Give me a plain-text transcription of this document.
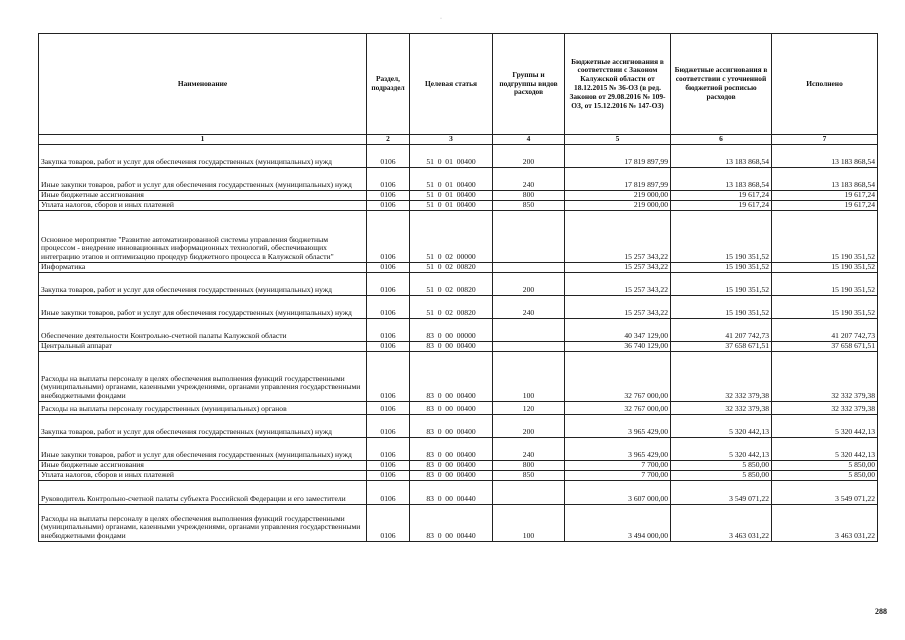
Наименование	Раздел, подраздел	Целевая статья	Группы и подгруппы видов расходов	Бюджетные ассигнования в соответствии с Законом Калужской области от 18.12.2015 № 36-ОЗ (в ред. Законов от 29.08.2016 № 109-ОЗ, от 15.12.2016 № 147-ОЗ)	Бюджетные ассигнования в соответствии с уточненной бюджетной росписью расходов	Исполнено
1	2	3	4	5	6	7
Закупка товаров, работ и услуг для обеспечения государственных (муниципальных) нужд	0106	51  0  01  00400	200	17 819 897,99	13 183 868,54	13 183 868,54
Иные закупки товаров, работ и услуг для обеспечения государственных (муниципальных) нужд	0106	51  0  01  00400	240	17 819 897,99	13 183 868,54	13 183 868,54
Иные бюджетные ассигнования	0106	51  0  01  00400	800	219 000,00	19 617,24	19 617,24
Уплата налогов, сборов и иных платежей	0106	51  0  01  00400	850	219 000,00	19 617,24	19 617,24
Основное мероприятие "Развитие автоматизированной системы управления бюджетным процессом - внедрение инновационных информационных технологий, обеспечивающих интеграцию этапов и оптимизацию процедур бюджетного процесса в Калужской области"	0106	51  0  02  00000		15 257 343,22	15 190 351,52	15 190 351,52
Информатика	0106	51  0  02  00820		15 257 343,22	15 190 351,52	15 190 351,52
Закупка товаров, работ и услуг для обеспечения государственных (муниципальных) нужд	0106	51  0  02  00820	200	15 257 343,22	15 190 351,52	15 190 351,52
Иные закупки товаров, работ и услуг для обеспечения государственных (муниципальных) нужд	0106	51  0  02  00820	240	15 257 343,22	15 190 351,52	15 190 351,52
Обеспечение деятельности Контрольно-счетной палаты Калужской области	0106	83  0  00  00000		40 347 129,00	41 207 742,73	41 207 742,73
Центральный аппарат	0106	83  0  00  00400		36 740 129,00	37 658 671,51	37 658 671,51
Расходы на выплаты персоналу в целях обеспечения выполнения функций государственными (муниципальными) органами, казенными учреждениями, органами управления государственными внебюджетными фондами	0106	83  0  00  00400	100	32 767 000,00	32 332 379,38	32 332 379,38
Расходы на выплаты персоналу государственных (муниципальных) органов	0106	83  0  00  00400	120	32 767 000,00	32 332 379,38	32 332 379,38
Закупка товаров, работ и услуг для обеспечения государственных (муниципальных) нужд	0106	83  0  00  00400	200	3 965 429,00	5 320 442,13	5 320 442,13
Иные закупки товаров, работ и услуг для обеспечения государственных (муниципальных) нужд	0106	83  0  00  00400	240	3 965 429,00	5 320 442,13	5 320 442,13
Иные бюджетные ассигнования	0106	83  0  00  00400	800	7 700,00	5 850,00	5 850,00
Уплата налогов, сборов и иных платежей	0106	83  0  00  00400	850	7 700,00	5 850,00	5 850,00
Руководитель Контрольно-счетной палаты субъекта Российской Федерации и его заместители	0106	83  0  00  00440		3 607 000,00	3 549 071,22	3 549 071,22
Расходы на выплаты персоналу в целях обеспечения выполнения функций государственными (муниципальными) органами, казенными учреждениями, органами управления государственными внебюджетными фондами	0106	83  0  00  00440	100	3 494 000,00	3 463 031,22	3 463 031,22
·
288
